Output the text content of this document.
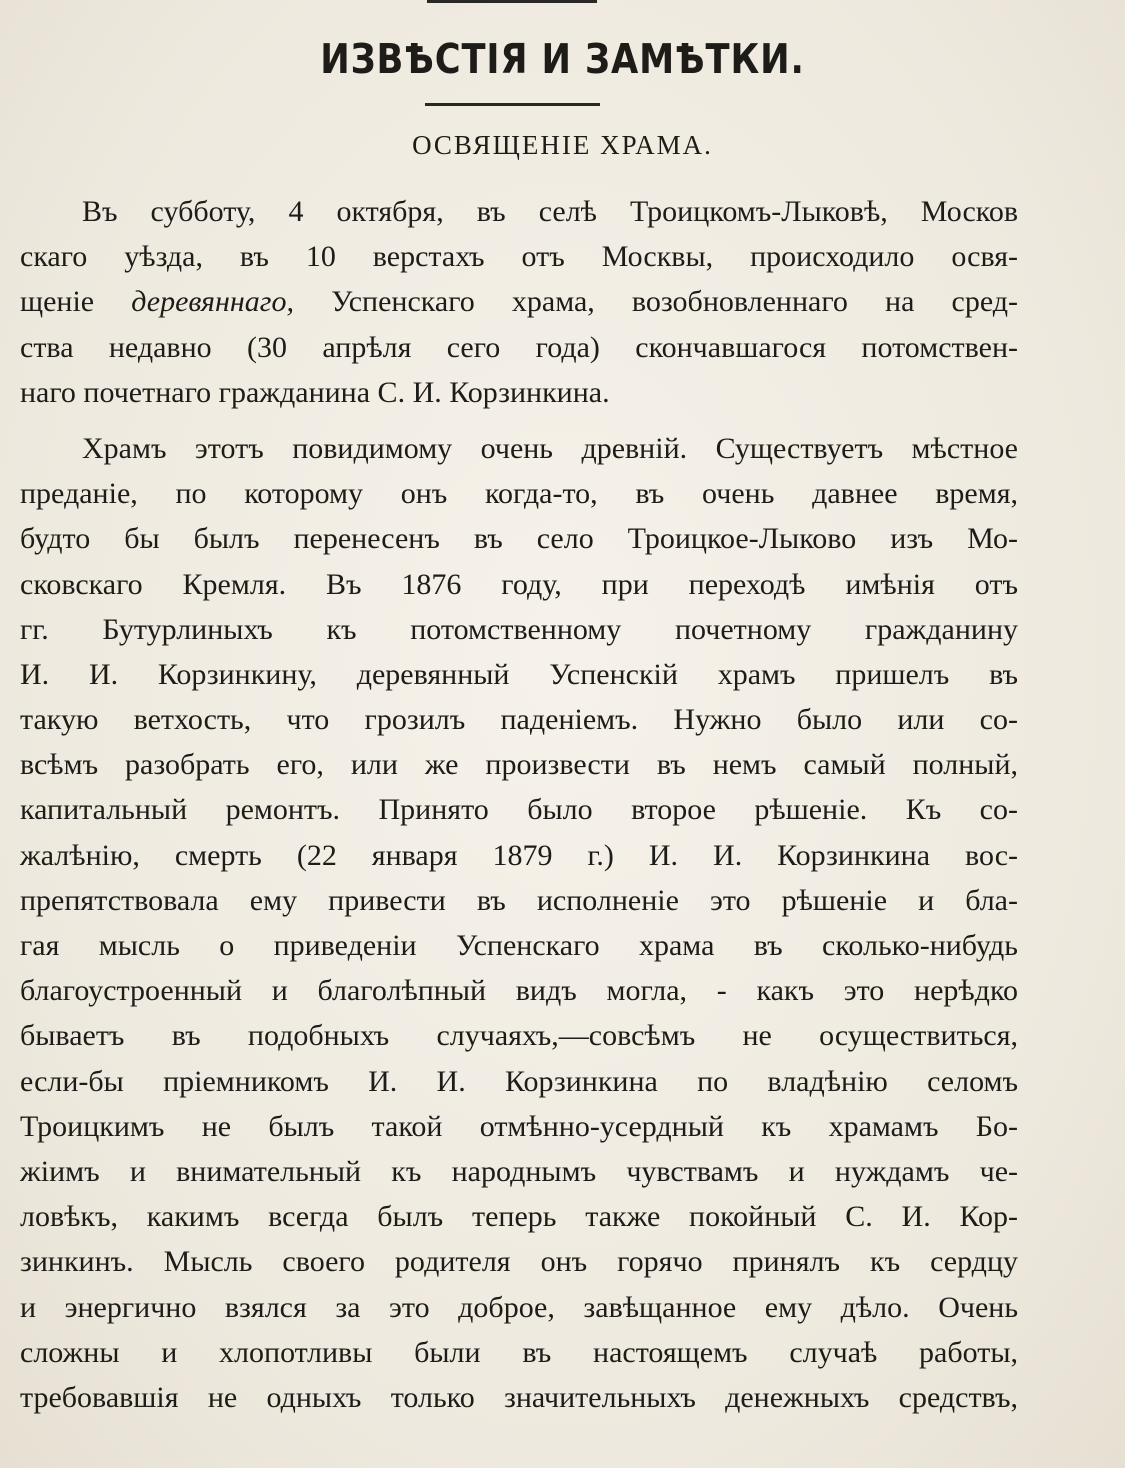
ИЗВѢСТІЯ И ЗАМѢТКИ.
ОСВЯЩЕНІЕ ХРАМА.
Въ субботу, 4 октября, въ селѣ Троицкомъ-Лыковѣ, Москов
скаго уѣзда, въ 10 верстахъ отъ Москвы, происходило освя-
щеніе деревяннаго, Успенскаго храма, возобновленнаго на сред-
ства недавно (30 апрѣля сего года) скончавшагося потомствен-
наго почетнаго гражданина С. И. Корзинкина.
Храмъ этотъ повидимому очень древній. Существуетъ мѣстное
преданіе, по которому онъ когда-то, въ очень давнее время,
будто бы былъ перенесенъ въ село Троицкое-Лыково изъ Мо-
сковскаго Кремля. Въ 1876 году, при переходѣ имѣнія отъ
гг. Бутурлиныхъ къ потомственному почетному гражданину
И. И. Корзинкину, деревянный Успенскій храмъ пришелъ въ
такую ветхость, что грозилъ паденіемъ. Нужно было или со-
всѣмъ разобрать его, или же произвести въ немъ самый полный,
капитальный ремонтъ. Принято было второе рѣшеніе. Къ со-
жалѣнію, смерть (22 января 1879 г.) И. И. Корзинкина вос-
препятствовала ему привести въ исполненіе это рѣшеніе и бла-
гая мысль о приведеніи Успенскаго храма въ сколько-нибудь
благоустроенный и благолѣпный видъ могла, - какъ это нерѣдко
бываетъ въ подобныхъ случаяхъ,—совсѣмъ не осуществиться,
если-бы пріемникомъ И. И. Корзинкина по владѣнію селомъ
Троицкимъ не былъ такой отмѣнно-усердный къ храмамъ Бо-
жіимъ и внимательный къ народнымъ чувствамъ и нуждамъ че-
ловѣкъ, какимъ всегда былъ теперь также покойный С. И. Кор-
зинкинъ. Мысль своего родителя онъ горячо принялъ къ сердцу
и энергично взялся за это доброе, завѣщанное ему дѣло. Очень
сложны и хлопотливы были въ настоящемъ случаѣ работы,
требовавшія не одныхъ только значительныхъ денежныхъ средствъ,
